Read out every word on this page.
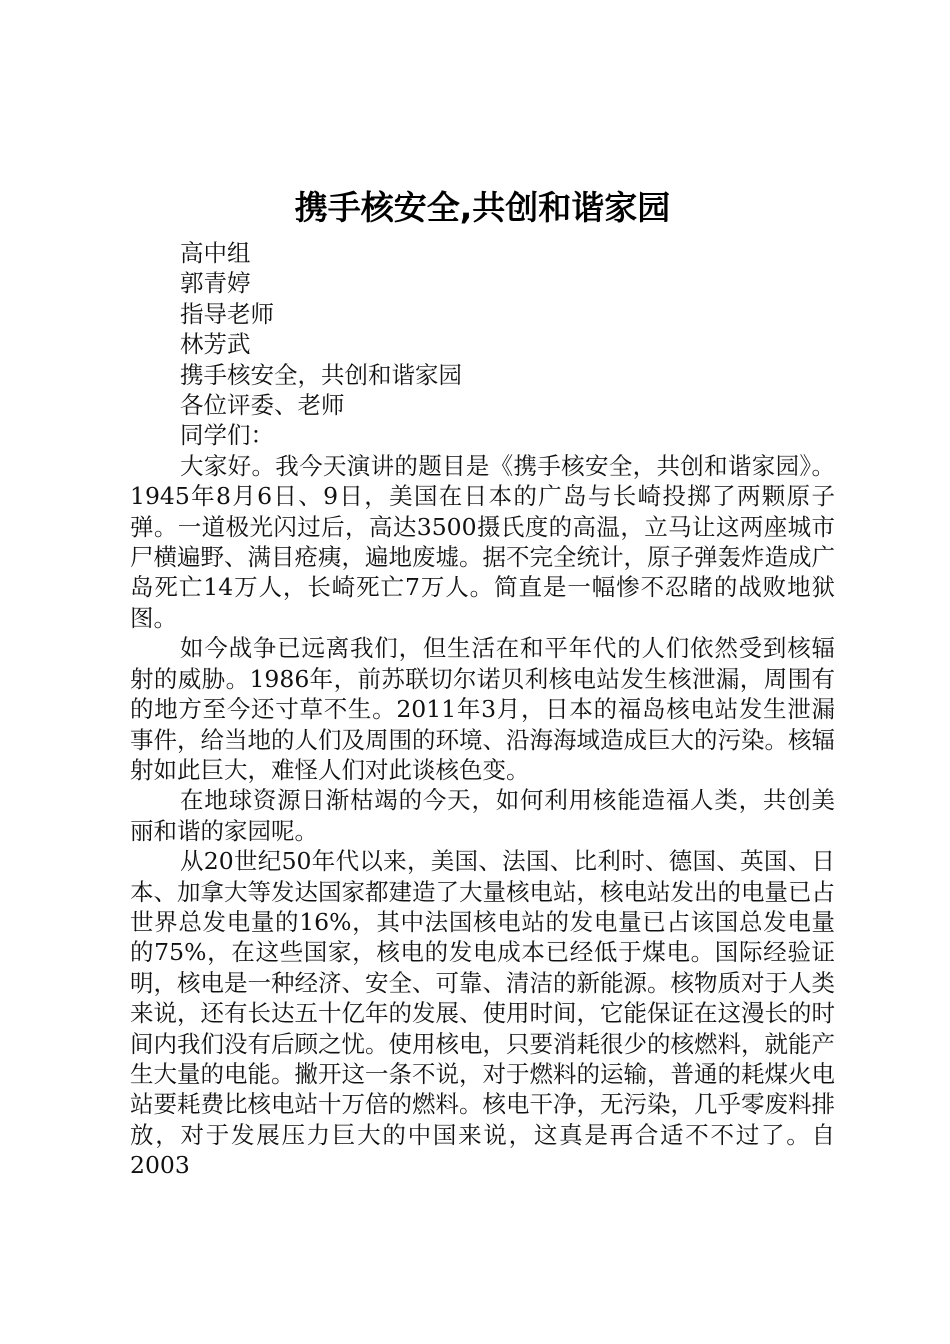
携手核安全,共创和谐家园

高中组

郭青婷

指导老师

林芳武

携手核安全，共创和谐家园

各位评委、老师

同学们：

大家好。我今天演讲的题目是《携手核安全，共创和谐家园》。1945年8月6日、9日，美国在日本的广岛与长崎投掷了两颗原子弹。一道极光闪过后，高达3500摄氏度的高温，立马让这两座城市尸横遍野、满目疮痍，遍地废墟。据不完全统计，原子弹轰炸造成广岛死亡14万人，长崎死亡7万人。简直是一幅惨不忍睹的战败地狱图。

如今战争已远离我们，但生活在和平年代的人们依然受到核辐射的威胁。1986年，前苏联切尔诺贝利核电站发生核泄漏，周围有的地方至今还寸草不生。2011年3月，日本的福岛核电站发生泄漏事件，给当地的人们及周围的环境、沿海海域造成巨大的污染。核辐射如此巨大，难怪人们对此谈核色变。

在地球资源日渐枯竭的今天，如何利用核能造福人类，共创美丽和谐的家园呢。

从20世纪50年代以来，美国、法国、比利时、德国、英国、日本、加拿大等发达国家都建造了大量核电站，核电站发出的电量已占世界总发电量的16%，其中法国核电站的发电量已占该国总发电量的75%，在这些国家，核电的发电成本已经低于煤电。国际经验证明，核电是一种经济、安全、可靠、清洁的新能源。核物质对于人类来说，还有长达五十亿年的发展、使用时间，它能保证在这漫长的时间内我们没有后顾之忧。使用核电，只要消耗很少的核燃料，就能产生大量的电能。撇开这一条不说，对于燃料的运输，普通的耗煤火电站要耗费比核电站十万倍的燃料。核电干净，无污染，几乎零废料排放，对于发展压力巨大的中国来说，这真是再合适不不过了。自2003
